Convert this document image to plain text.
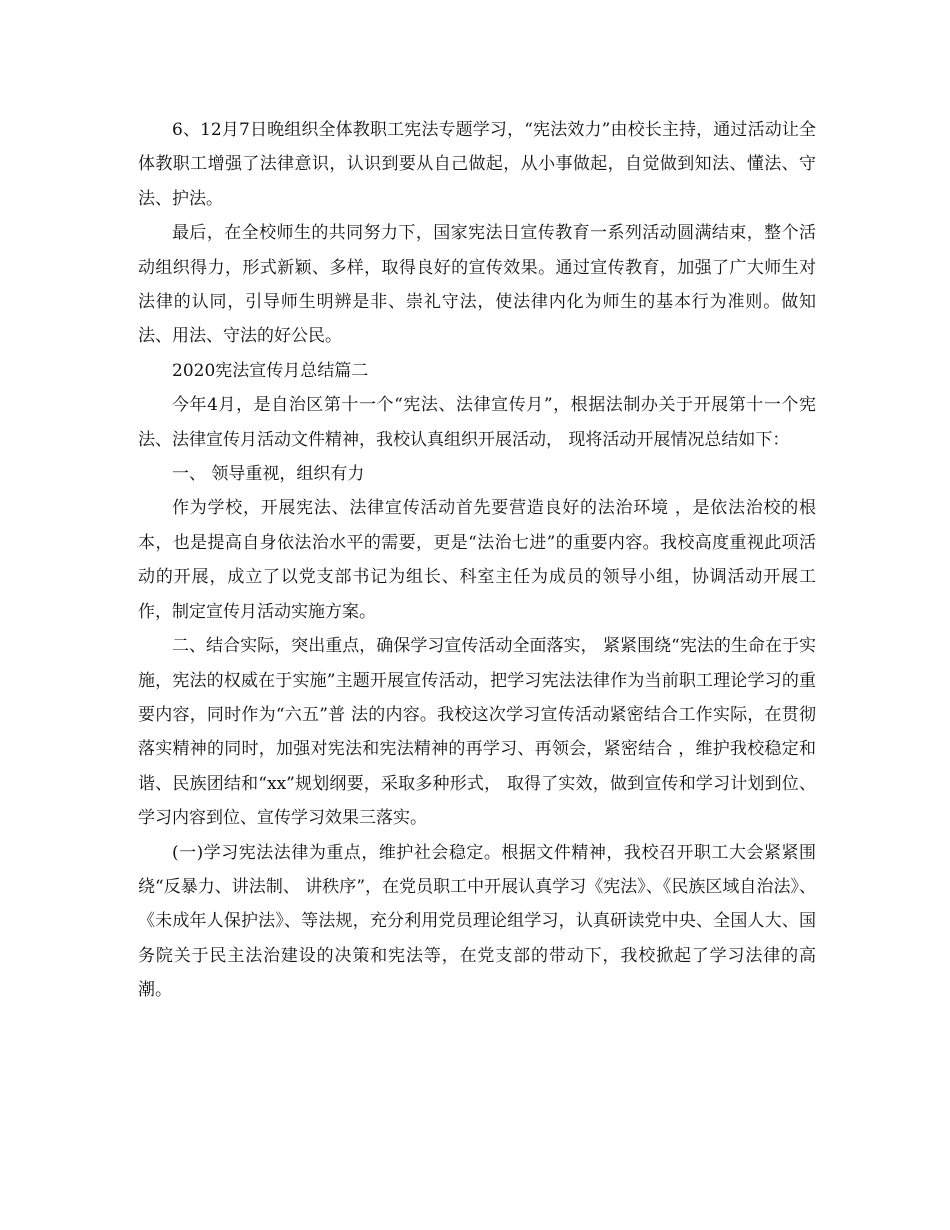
6、12月7日晚组织全体教职工宪法专题学习，“宪法效力”由校长主持，通过活动让全体教职工增强了法律意识，认识到要从自己做起，从小事做起，自觉做到知法、懂法、守法、护法。

最后，在全校师生的共同努力下，国家宪法日宣传教育一系列活动圆满结束，整个活动组织得力，形式新颖、多样，取得良好的宣传效果。通过宣传教育，加强了广大师生对法律的认同，引导师生明辨是非、崇礼守法，使法律内化为师生的基本行为准则。做知法、用法、守法的好公民。

2020宪法宣传月总结篇二

今年4月，是自治区第十一个“宪法、法律宣传月”，根据法制办关于开展第十一个宪法、法律宣传月活动文件精神，我校认真组织开展活动， 现将活动开展情况总结如下：

一、 领导重视，组织有力

作为学校，开展宪法、法律宣传活动首先要营造良好的法治环境 ，是依法治校的根本，也是提高自身依法治水平的需要，更是“法治七进”的重要内容。我校高度重视此项活动的开展，成立了以党支部书记为组长、科室主任为成员的领导小组，协调活动开展工作，制定宣传月活动实施方案。

二、结合实际，突出重点，确保学习宣传活动全面落实， 紧紧围绕“宪法的生命在于实施，宪法的权威在于实施”主题开展宣传活动，把学习宪法法律作为当前职工理论学习的重要内容，同时作为“六五”普 法的内容。我校这次学习宣传活动紧密结合工作实际，在贯彻落实精神的同时，加强对宪法和宪法精神的再学习、再领会，紧密结合 ，维护我校稳定和谐、民族团结和“xx”规划纲要，采取多种形式， 取得了实效，做到宣传和学习计划到位、学习内容到位、宣传学习效果三落实。

(一)学习宪法法律为重点，维护社会稳定。根据文件精神，我校召开职工大会紧紧围绕“反暴力、讲法制、 讲秩序”，在党员职工中开展认真学习《宪法》、《民族区域自治法》、《未成年人保护法》、等法规，充分利用党员理论组学习，认真研读党中央、全国人大、国务院关于民主法治建设的决策和宪法等，在党支部的带动下，我校掀起了学习法律的高潮。
